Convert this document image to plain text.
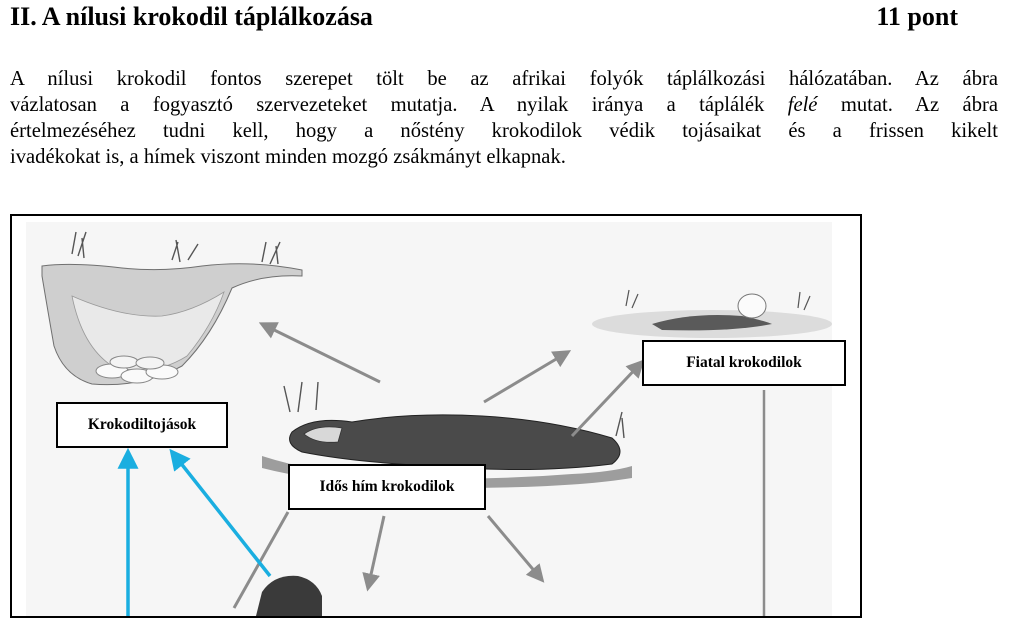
II. A nílusi krokodil táplálkozása	11 pont

A nílusi krokodil fontos szerepet tölt be az afrikai folyók táplálkozási hálózatában. Az ábra
vázlatosan a fogyasztó szervezeteket mutatja. A nyilak iránya a táplálék felé mutat. Az ábra
értelmezéséhez tudni kell, hogy a nőstény krokodilok védik tojásaikat és a frissen kikelt
ivadékokat is, a hímek viszont minden mozgó zsákmányt elkapnak.

Krokodiltojások
Idős hím krokodilok
Fiatal krokodilok
